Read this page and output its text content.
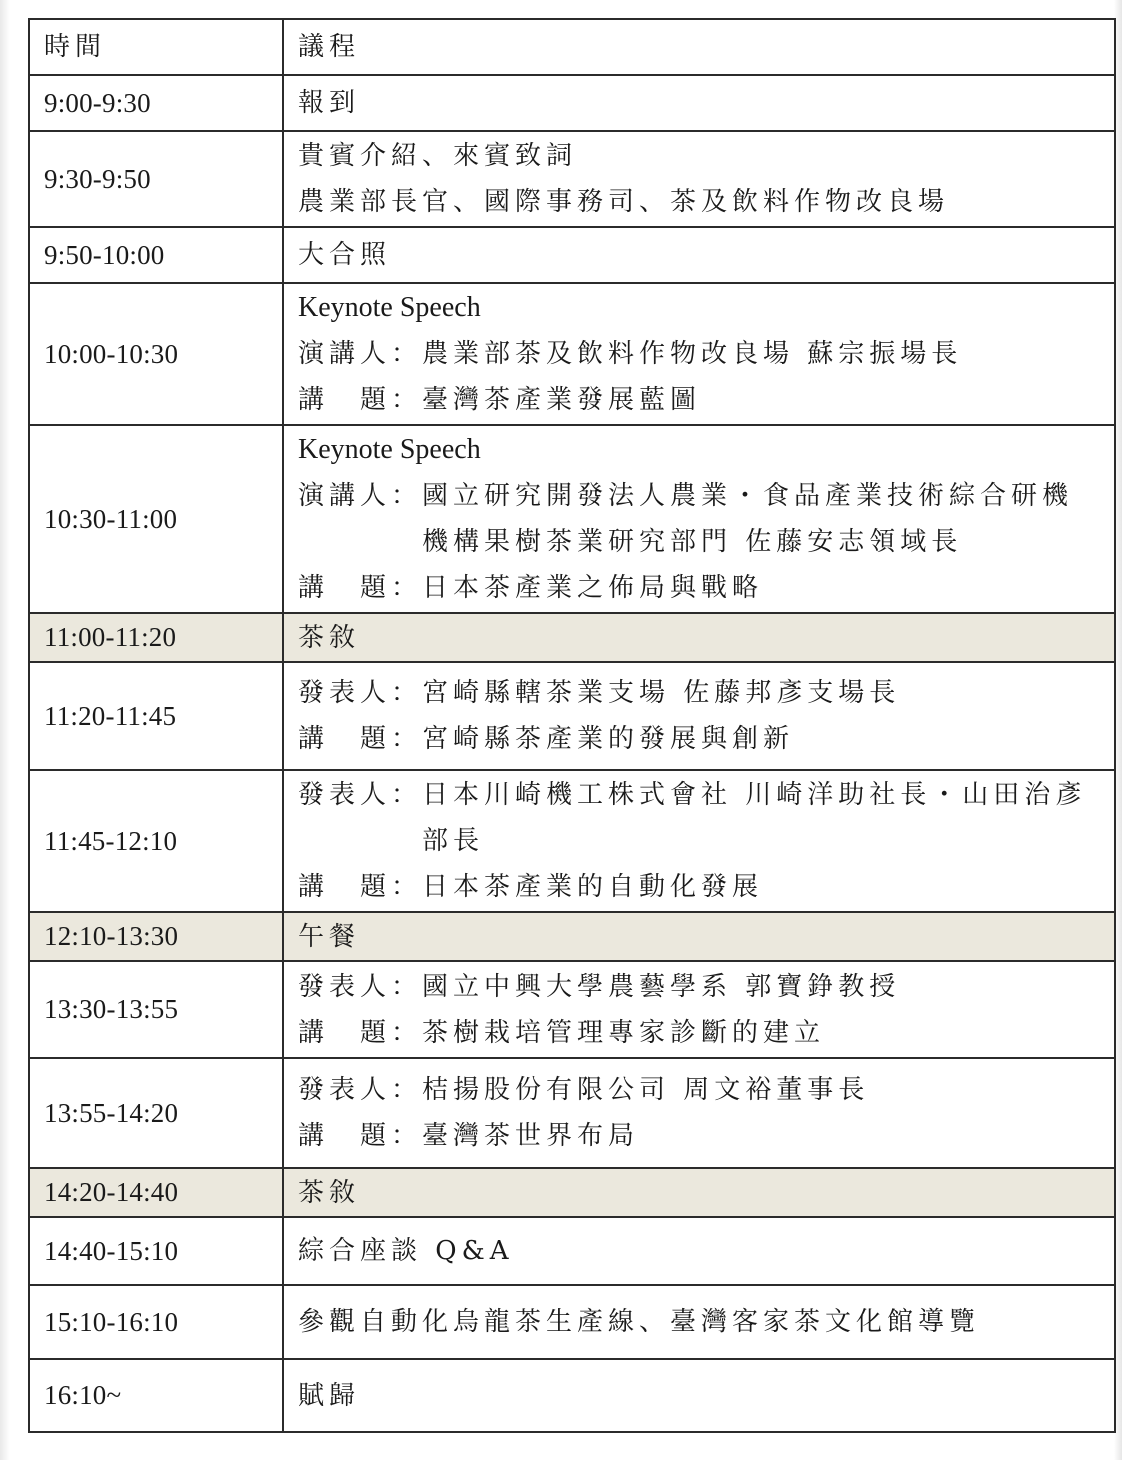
時間	議程

9:00-9:30	報到

9:30-9:50	貴賓介紹、來賓致詞
農業部長官、國際事務司、茶及飲料作物改良場

9:50-10:00	大合照

10:00-10:30	Keynote Speech
演講人：農業部茶及飲料作物改良場 蘇宗振場長
講　題：臺灣茶產業發展藍圖

10:30-11:00	Keynote Speech
演講人：國立研究開發法人農業・食品產業技術綜合研機
機構果樹茶業研究部門 佐藤安志領域長
講　題：日本茶產業之佈局與戰略

11:00-11:20	茶敘

11:20-11:45	發表人：宮崎縣轄茶業支場 佐藤邦彥支場長
講　題：宮崎縣茶產業的發展與創新

11:45-12:10	發表人：日本川崎機工株式會社 川崎洋助社長・山田治彥
部長
講　題：日本茶產業的自動化發展

12:10-13:30	午餐

13:30-13:55	發表人：國立中興大學農藝學系 郭寶錚教授
講　題：茶樹栽培管理專家診斷的建立

13:55-14:20	發表人：桔揚股份有限公司 周文裕董事長
講　題：臺灣茶世界布局

14:20-14:40	茶敘

14:40-15:10	綜合座談 Q&A

15:10-16:10	參觀自動化烏龍茶生產線、臺灣客家茶文化館導覽

16:10~	賦歸
